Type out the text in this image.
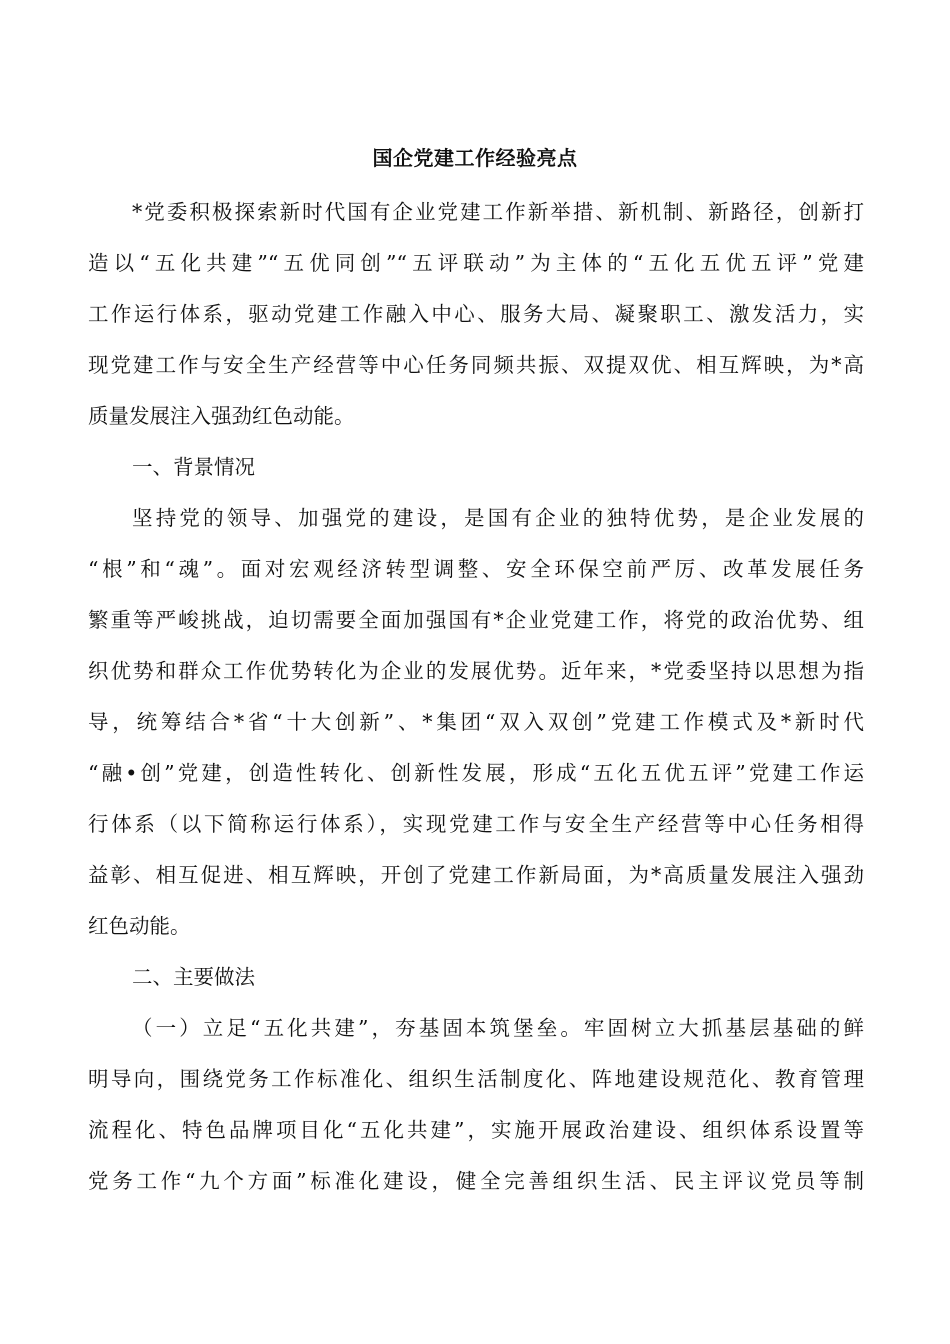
国企党建工作经验亮点
*党委积极探索新时代国有企业党建工作新举措、新机制、新路径，创新打
造以“五化共建”“五优同创”“五评联动”为主体的“五化五优五评”党建
工作运行体系，驱动党建工作融入中心、服务大局、凝聚职工、激发活力，实
现党建工作与安全生产经营等中心任务同频共振、双提双优、相互辉映，为*高
质量发展注入强劲红色动能。
一、背景情况
坚持党的领导、加强党的建设，是国有企业的独特优势，是企业发展的
“根”和“魂”。面对宏观经济转型调整、安全环保空前严厉、改革发展任务
繁重等严峻挑战，迫切需要全面加强国有*企业党建工作，将党的政治优势、组
织优势和群众工作优势转化为企业的发展优势。近年来，*党委坚持以思想为指
导，统筹结合*省“十大创新”、*集团“双入双创”党建工作模式及*新时代
“融•创”党建，创造性转化、创新性发展，形成“五化五优五评”党建工作运
行体系（以下简称运行体系），实现党建工作与安全生产经营等中心任务相得
益彰、相互促进、相互辉映，开创了党建工作新局面，为*高质量发展注入强劲
红色动能。
二、主要做法
（一）立足“五化共建”，夯基固本筑堡垒。牢固树立大抓基层基础的鲜
明导向，围绕党务工作标准化、组织生活制度化、阵地建设规范化、教育管理
流程化、特色品牌项目化“五化共建”，实施开展政治建设、组织体系设置等
党务工作“九个方面”标准化建设，健全完善组织生活、民主评议党员等制
